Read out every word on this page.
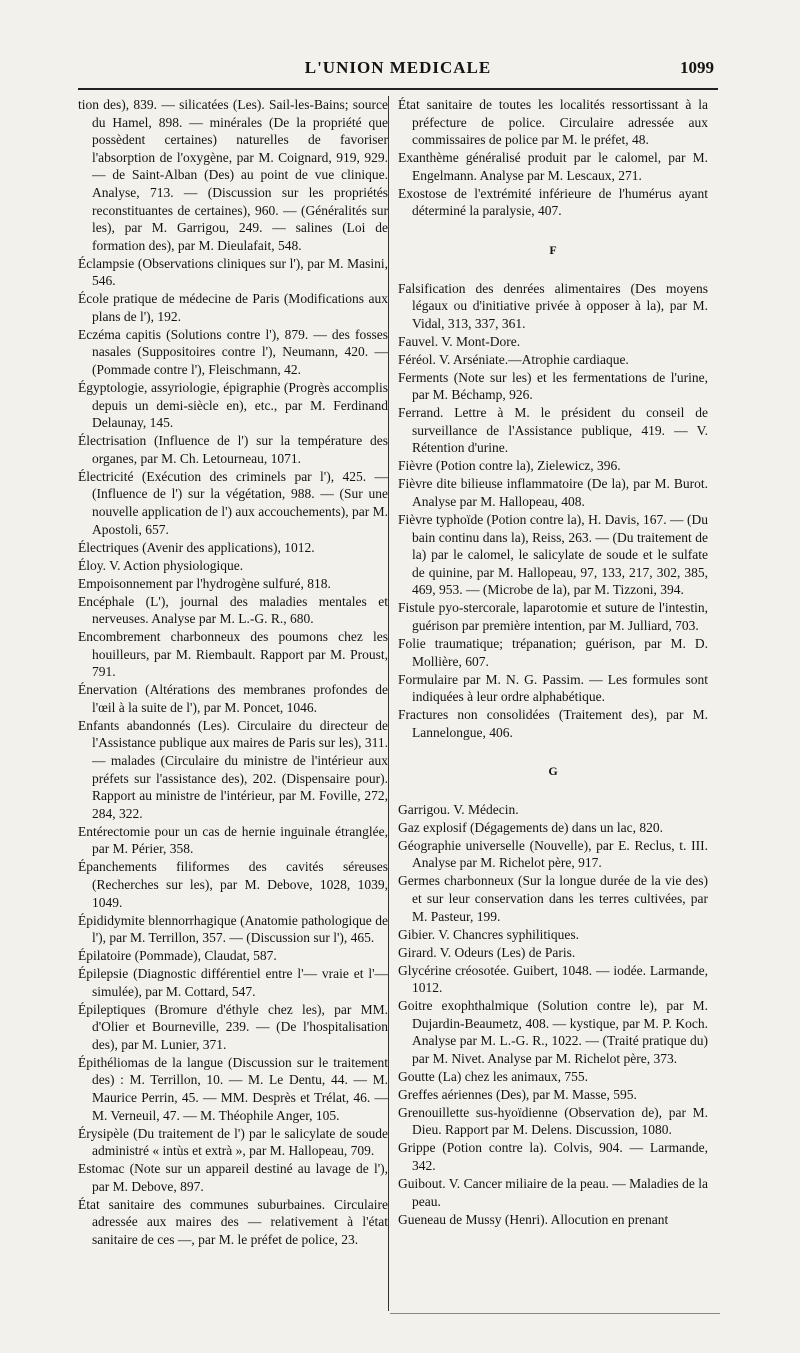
L'UNION MEDICALE	1099
tion des), 839. — silicatées (Les). Sail-les-Bains; source du Hamel, 898. — minérales (De la propriété que possèdent certaines) naturelles de favoriser l'absorption de l'oxygène, par M. Coignard, 919, 929. — de Saint-Alban (Des) au point de vue clinique. Analyse, 713. — (Discussion sur les propriétés reconstituantes de certaines), 960. — (Généralités sur les), par M. Garrigou, 249. — salines (Loi de formation des), par M. Dieulafait, 548.
Éclampsie (Observations cliniques sur l'), par M. Masini, 546.
École pratique de médecine de Paris (Modifications aux plans de l'), 192.
Eczéma capitis (Solutions contre l'), 879. — des fosses nasales (Suppositoires contre l'), Neumann, 420. — (Pommade contre l'), Fleischmann, 42.
Égyptologie, assyriologie, épigraphie (Progrès accomplis depuis un demi-siècle en), etc., par M. Ferdinand Delaunay, 145.
Électrisation (Influence de l') sur la température des organes, par M. Ch. Letourneau, 1071.
Électricité (Exécution des criminels par l'), 425. — (Influence de l') sur la végétation, 988. — (Sur une nouvelle application de l') aux accouchements), par M. Apostoli, 657.
Électriques (Avenir des applications), 1012.
Éloy. V. Action physiologique.
Empoisonnement par l'hydrogène sulfuré, 818.
Encéphale (L'), journal des maladies mentales et nerveuses. Analyse par M. L.-G. R., 680.
Encombrement charbonneux des poumons chez les houilleurs, par M. Riembault. Rapport par M. Proust, 791.
Énervation (Altérations des membranes profondes de l'œil à la suite de l'), par M. Poncet, 1046.
Enfants abandonnés (Les). Circulaire du directeur de l'Assistance publique aux maires de Paris sur les), 311. — malades (Circulaire du ministre de l'intérieur aux préfets sur l'assistance des), 202. (Dispensaire pour). Rapport au ministre de l'intérieur, par M. Foville, 272, 284, 322.
Entérectomie pour un cas de hernie inguinale étranglée, par M. Périer, 358.
Épanchements filiformes des cavités séreuses (Recherches sur les), par M. Debove, 1028, 1039, 1049.
Épididymite blennorrhagique (Anatomie pathologique de l'), par M. Terrillon, 357. — (Discussion sur l'), 465.
Épilatoire (Pommade), Claudat, 587.
Épilepsie (Diagnostic différentiel entre l'— vraie et l'— simulée), par M. Cottard, 547.
Épileptiques (Bromure d'éthyle chez les), par MM. d'Olier et Bourneville, 239. — (De l'hospitalisation des), par M. Lunier, 371.
Épithéliomas de la langue (Discussion sur le traitement des) : M. Terrillon, 10. — M. Le Dentu, 44. — M. Maurice Perrin, 45. — MM. Desprès et Trélat, 46. — M. Verneuil, 47. — M. Théophile Anger, 105.
Érysipèle (Du traitement de l') par le salicylate de soude administré « intùs et extrà », par M. Hallopeau, 709.
Estomac (Note sur un appareil destiné au lavage de l'), par M. Debove, 897.
État sanitaire des communes suburbaines. Circulaire adressée aux maires des — relativement à l'état sanitaire de ces —, par M. le préfet de police, 23.
État sanitaire de toutes les localités ressortissant à la préfecture de police. Circulaire adressée aux commissaires de police par M. le préfet, 48.
Exanthème généralisé produit par le calomel, par M. Engelmann. Analyse par M. Lescaux, 271.
Exostose de l'extrémité inférieure de l'humérus ayant déterminé la paralysie, 407.
F
Falsification des denrées alimentaires (Des moyens légaux ou d'initiative privée à opposer à la), par M. Vidal, 313, 337, 361.
Fauvel. V. Mont-Dore.
Féréol. V. Arséniate.—Atrophie cardiaque.
Ferments (Note sur les) et les fermentations de l'urine, par M. Béchamp, 926.
Ferrand. Lettre à M. le président du conseil de surveillance de l'Assistance publique, 419. — V. Rétention d'urine.
Fièvre (Potion contre la), Zielewicz, 396.
Fièvre dite bilieuse inflammatoire (De la), par M. Burot. Analyse par M. Hallopeau, 408.
Fièvre typhoïde (Potion contre la), H. Davis, 167. — (Du bain continu dans la), Reiss, 263. — (Du traitement de la) par le calomel, le salicylate de soude et le sulfate de quinine, par M. Hallopeau, 97, 133, 217, 302, 385, 469, 953. — (Microbe de la), par M. Tizzoni, 394.
Fistule pyo-stercorale, laparotomie et suture de l'intestin, guérison par première intention, par M. Julliard, 703.
Folie traumatique; trépanation; guérison, par M. D. Mollière, 607.
Formulaire par M. N. G. Passim. — Les formules sont indiquées à leur ordre alphabétique.
Fractures non consolidées (Traitement des), par M. Lannelongue, 406.
G
Garrigou. V. Médecin.
Gaz explosif (Dégagements de) dans un lac, 820.
Géographie universelle (Nouvelle), par E. Reclus, t. III. Analyse par M. Richelot père, 917.
Germes charbonneux (Sur la longue durée de la vie des) et sur leur conservation dans les terres cultivées, par M. Pasteur, 199.
Gibier. V. Chancres syphilitiques.
Girard. V. Odeurs (Les) de Paris.
Glycérine créosotée. Guibert, 1048. — iodée. Larmande, 1012.
Goitre exophthalmique (Solution contre le), par M. Dujardin-Beaumetz, 408. — kystique, par M. P. Koch. Analyse par M. L.-G. R., 1022. — (Traité pratique du) par M. Nivet. Analyse par M. Richelot père, 373.
Goutte (La) chez les animaux, 755.
Greffes aériennes (Des), par M. Masse, 595.
Grenouillette sus-hyoïdienne (Observation de), par M. Dieu. Rapport par M. Delens. Discussion, 1080.
Grippe (Potion contre la). Colvis, 904. — Larmande, 342.
Guibout. V. Cancer miliaire de la peau. — Maladies de la peau.
Gueneau de Mussy (Henri). Allocution en prenant
